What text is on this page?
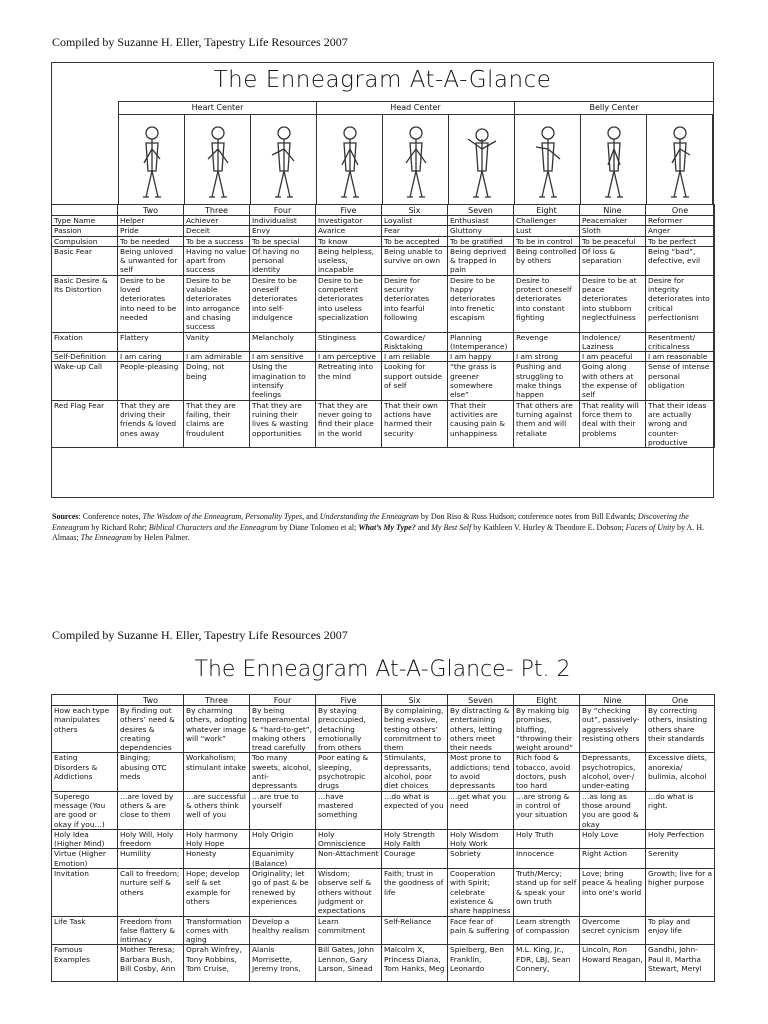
Compiled by Suzanne H. Eller, Tapestry Life Resources 2007
The Enneagram At-A-Glance
Heart Center	Head Center	Belly Center
	Two	Three	Four	Five	Six	Seven	Eight	Nine	One
Type Name	Helper	Achiever	Individualist	Investigator	Loyalist	Enthusiast	Challenger	Peacemaker	Reformer
Passion	Pride	Deceit	Envy	Avarice	Fear	Gluttony	Lust	Sloth	Anger
Compulsion	To be needed	To be a success	To be special	To know	To be accepted	To be gratified	To be in control	To be peaceful	To be perfect
Basic Fear	Being unloved & unwanted for self	Having no value apart from success	Of having no personal identity	Being helpless, useless, incapable	Being unable to survive on own	Being deprived & trapped in pain	Being controlled by others	Of loss & separation	Being “bad”, defective, evil
Basic Desire & Its Distortion	Desire to be loved deteriorates into need to be needed	Desire to be valuable deteriorates into arrogance and chasing success	Desire to be oneself deteriorates into self-indulgence	Desire to be competent deteriorates into useless specialization	Desire for security deteriorates into fearful following	Desire to be happy deteriorates into frenetic escapism	Desire to protect oneself deteriorates into constant fighting	Desire to be at peace deteriorates into stubborn neglectfulness	Desire for integrity deteriorates into critical perfectionism
Fixation	Flattery	Vanity	Melancholy	Stinginess	Cowardice/ Risktaking	Planning (Intemperance)	Revenge	Indolence/ Laziness	Resentment/ criticalness
Self-Definition	I am caring	I am admirable	I am sensitive	I am perceptive	I am reliable	I am happy	I am strong	I am peaceful	I am reasonable
Wake-up Call	People-pleasing	Doing, not being	Using the imagination to intensify feelings	Retreating into the mind	Looking for support outside of self	“the grass is greener somewhere else”	Pushing and struggling to make things happen	Going along with others at the expense of self	Sense of intense personal obligation
Red Flag Fear	That they are driving their friends & loved ones away	That they are failing, their claims are froudulent	That they are ruining their lives & wasting opportunities	That they are never going to find their place in the world	That their own actions have harmed their security	That their activities are causing pain & unhappiness	That others are turning against them and will retaliate	That reality will force them to deal with their problems	That their ideas are actually wrong and counter-productive
Sources: Conference notes, The Wisdom of the Enneagram, Personality Types, and Understanding the Enneagram by Don Riso & Russ Hudson; conference notes from Bill Edwards; Discovering the Enneagram by Richard Rohr; Biblical Characters and the Enneagram by Diane Tolomeo et al; What’s My Type? and My Best Self by Kathleen V. Hurley & Theodore E. Dobson; Facets of Unity by A. H. Almaas; The Enneagram by Helen Palmer.
Compiled by Suzanne H. Eller, Tapestry Life Resources 2007
The Enneagram At-A-Glance- Pt. 2
	Two	Three	Four	Five	Six	Seven	Eight	Nine	One
How each type manipulates others	By finding out others’ need & desires & creating dependencies	By charming others, adopting whatever image will “work”	By being temperamental & “hard-to-get”, making others tread carefully	By staying preoccupied, detaching emotionally from others	By complaining, being evasive, testing others’ commitment to them	By distracting & entertaining others, letting others meet their needs	By making big promises, bluffing, “throwing their weight around”	By “checking out”, passively-aggressively resisting others	By correcting others, insisting others share their standards
Eating Disorders & Addictions	Binging; abusing OTC meds	Workaholism; stimulant intake	Too many sweets, alcohol, anti-depressants	Poor eating & sleeping, psychotropic drugs	Stimulants, depressants, alcohol, poor diet choices	Most prone to addictions; tend to avoid depressants	Rich food & tobacco, avoid doctors, push too hard	Depressants, psychotropics, alcohol, over-/ under-eating	Excessive diets, anorexia/ bulimia, alcohol
Superego message (You are good or okay if you…)	…are loved by others & are close to them	…are successful & others think well of you	…are true to yourself	…have mastered something	…do what is expected of you	…get what you need	…are strong & in control of your situation	…as long as those around you are good & okay	…do what is right.
Holy Idea (Higher Mind)	Holy Will, Holy freedom	Holy harmony Holy Hope	Holy Origin	Holy Omniscience	Holy Strength Holy Faith	Holy Wisdom Holy Work	Holy Truth	Holy Love	Holy Perfection
Virtue (Higher Emotion)	Humility	Honesty	Equanimity (Balance)	Non-Attachment	Courage	Sobriety	Innocence	Right Action	Serenity
Invitation	Call to freedom; nurture self & others	Hope; develop self & set example for others	Originality; let go of past & be renewed by experiences	Wisdom; observe self & others without judgment or expectations	Faith; trust in the goodness of life	Cooperation with Spirit; celebrate existence & share happiness	Truth/Mercy; stand up for self & speak your own truth	Love; bring peace & healing into one’s world	Growth; live for a higher purpose
Life Task	Freedom from false flattery & intimacy	Transformation comes with aging	Develop a healthy realism	Learn commitment	Self-Reliance	Face fear of pain & suffering	Learn strength of compassion	Overcome secret cynicism	To play and enjoy life
Famous Examples	Mother Teresa; Barbara Bush, Bill Cosby, Ann	Oprah Winfrey, Tony Robbins, Tom Cruise,	Alanis Morrisette, Jeremy Irons,	Bill Gates, John Lennon, Gary Larson, Sinead	Malcolm X, Princess Diana, Tom Hanks, Meg	Spielberg, Ben Franklin, Leonardo	M.L. King, Jr., FDR, LBJ, Sean Connery,	Lincoln, Ron Howard Reagan,	Gandhi, John-Paul II, Martha Stewart, Meryl
